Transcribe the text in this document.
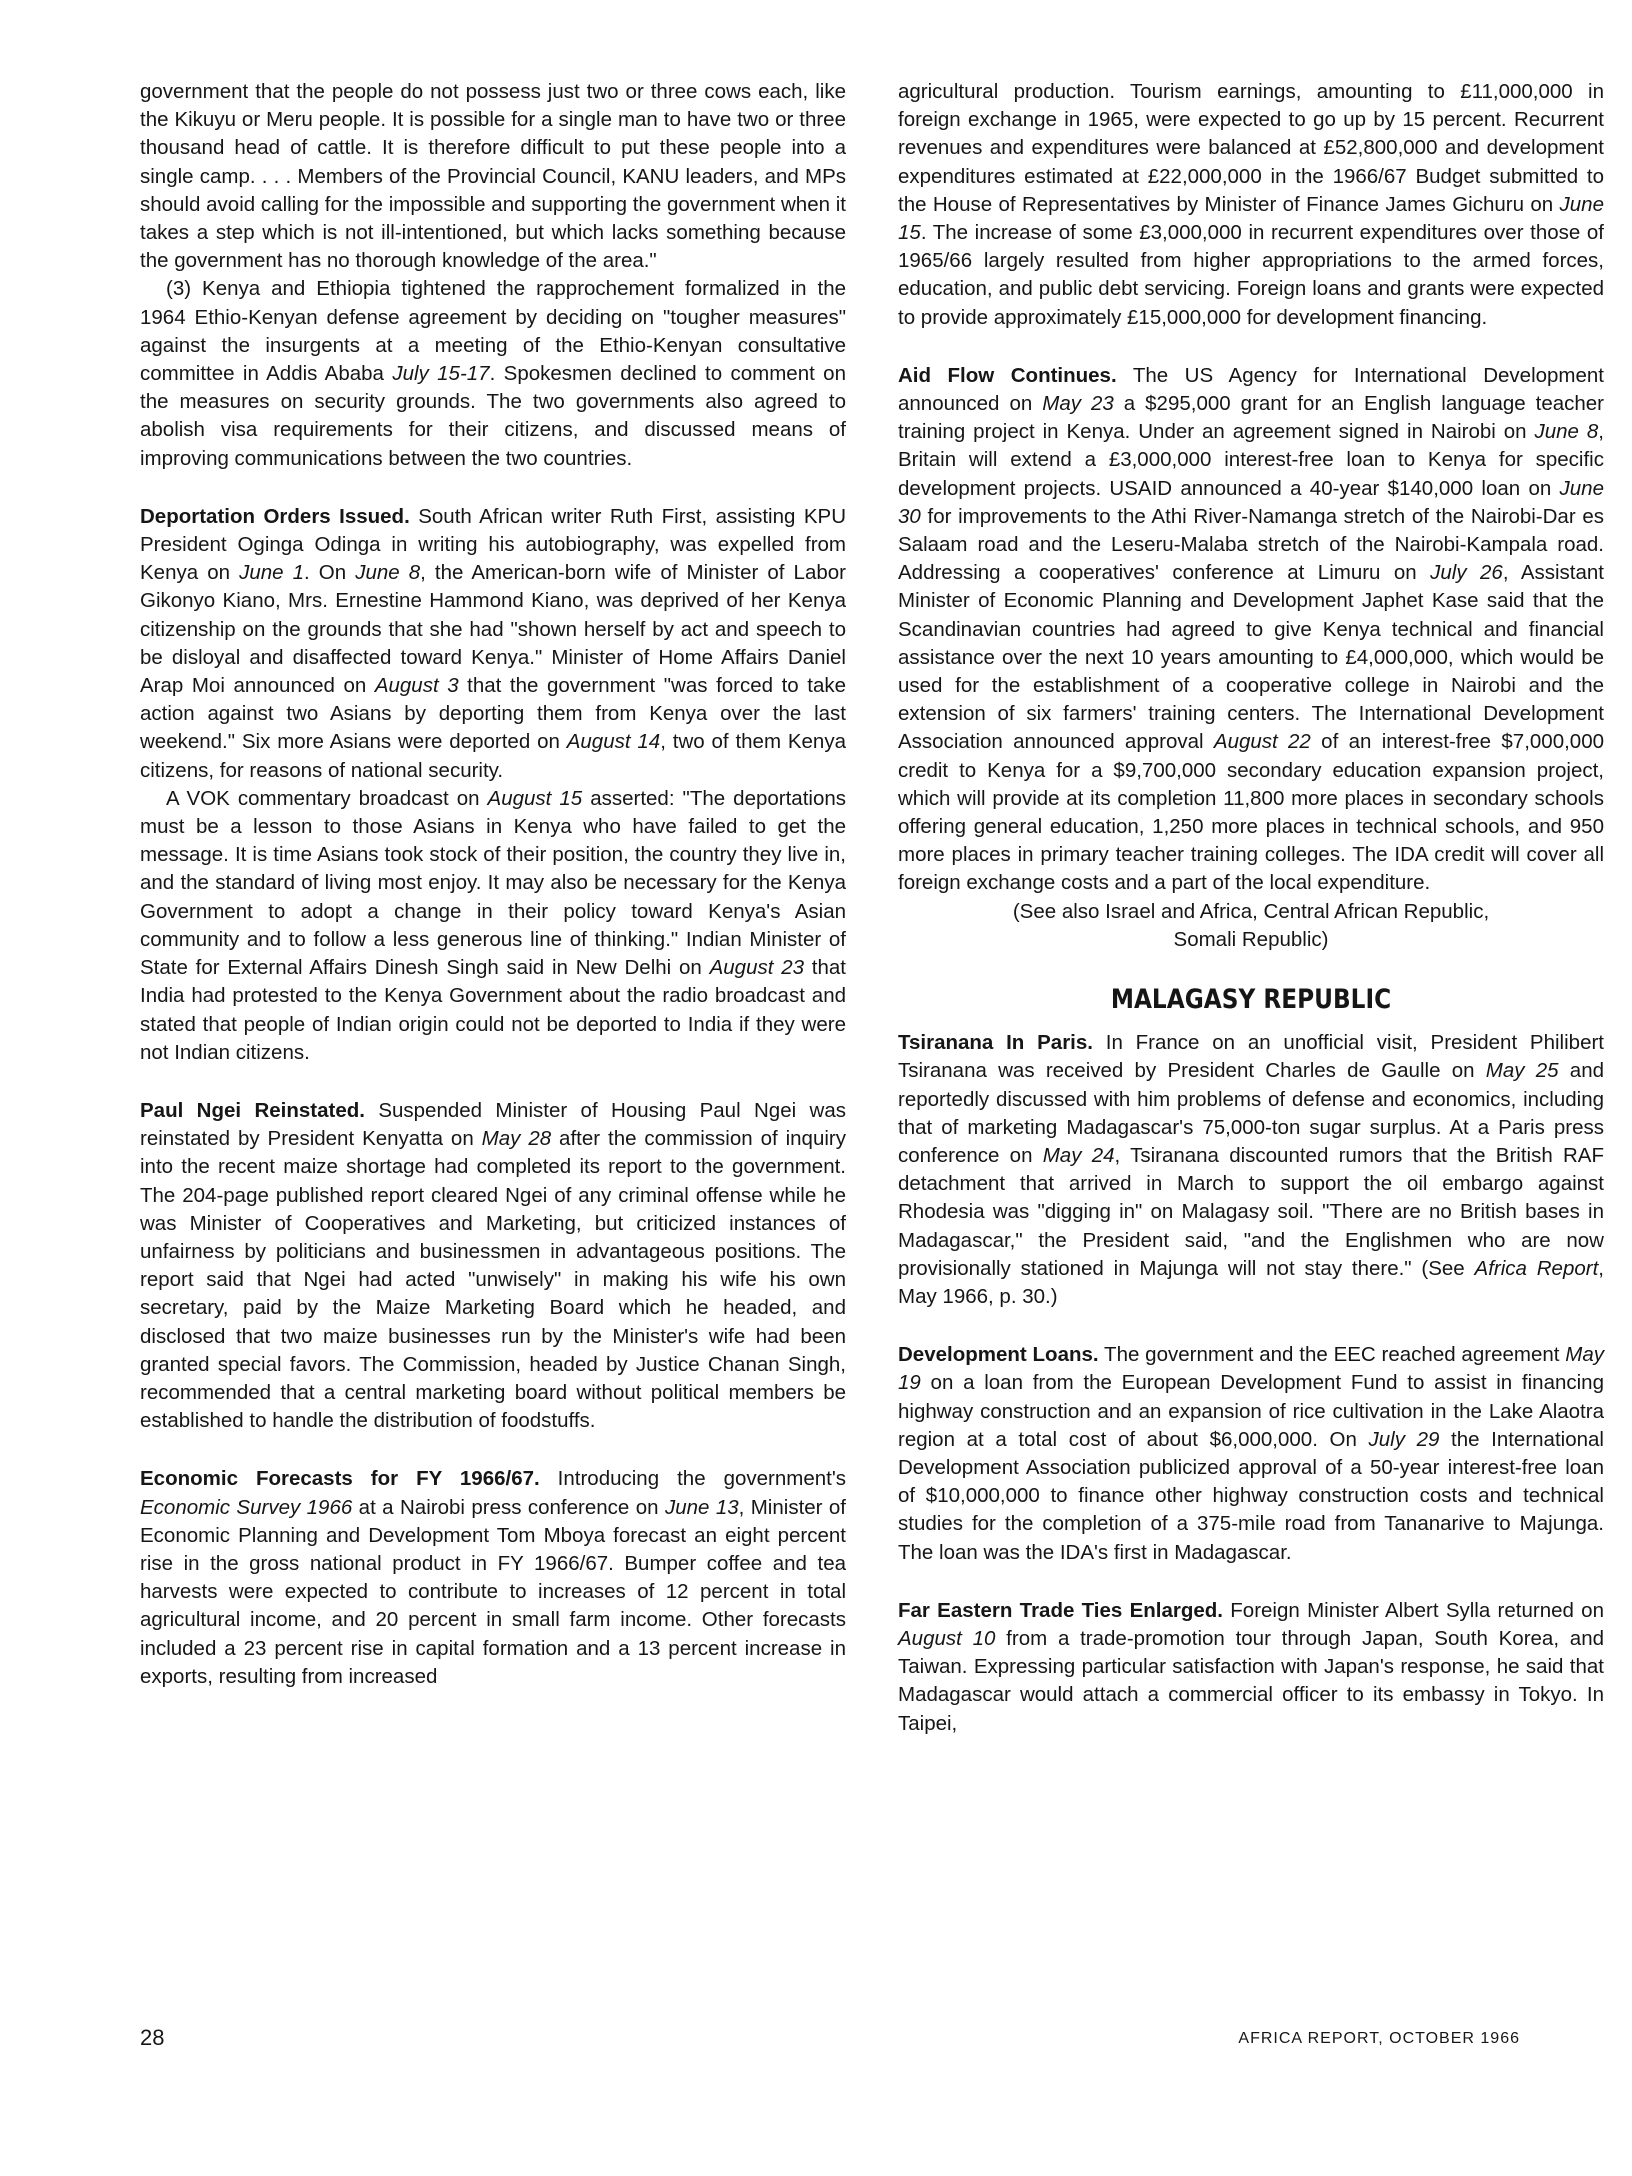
government that the people do not possess just two or three cows each, like the Kikuyu or Meru people. It is possible for a single man to have two or three thousand head of cattle. It is therefore difficult to put these people into a single camp. . . . Members of the Provincial Council, KANU leaders, and MPs should avoid calling for the impossible and supporting the government when it takes a step which is not ill-intentioned, but which lacks something because the government has no thorough knowledge of the area."

(3) Kenya and Ethiopia tightened the rapprochement formalized in the 1964 Ethio-Kenyan defense agreement by deciding on "tougher measures" against the insurgents at a meeting of the Ethio-Kenyan consultative committee in Addis Ababa July 15-17. Spokesmen declined to comment on the measures on security grounds. The two governments also agreed to abolish visa requirements for their citizens, and discussed means of improving communications between the two countries.

Deportation Orders Issued. South African writer Ruth First, assisting KPU President Oginga Odinga in writing his autobiography, was expelled from Kenya on June 1. On June 8, the American-born wife of Minister of Labor Gikonyo Kiano, Mrs. Ernestine Hammond Kiano, was deprived of her Kenya citizenship on the grounds that she had "shown herself by act and speech to be disloyal and disaffected toward Kenya." Minister of Home Affairs Daniel Arap Moi announced on August 3 that the government "was forced to take action against two Asians by deporting them from Kenya over the last weekend." Six more Asians were deported on August 14, two of them Kenya citizens, for reasons of national security.

A VOK commentary broadcast on August 15 asserted: "The deportations must be a lesson to those Asians in Kenya who have failed to get the message. It is time Asians took stock of their position, the country they live in, and the standard of living most enjoy. It may also be necessary for the Kenya Government to adopt a change in their policy toward Kenya's Asian community and to follow a less generous line of thinking." Indian Minister of State for External Affairs Dinesh Singh said in New Delhi on August 23 that India had protested to the Kenya Government about the radio broadcast and stated that people of Indian origin could not be deported to India if they were not Indian citizens.

Paul Ngei Reinstated. Suspended Minister of Housing Paul Ngei was reinstated by President Kenyatta on May 28 after the commission of inquiry into the recent maize shortage had completed its report to the government. The 204-page published report cleared Ngei of any criminal offense while he was Minister of Cooperatives and Marketing, but criticized instances of unfairness by politicians and businessmen in advantageous positions. The report said that Ngei had acted "unwisely" in making his wife his own secretary, paid by the Maize Marketing Board which he headed, and disclosed that two maize businesses run by the Minister's wife had been granted special favors. The Commission, headed by Justice Chanan Singh, recommended that a central marketing board without political members be established to handle the distribution of foodstuffs.

Economic Forecasts for FY 1966/67. Introducing the government's Economic Survey 1966 at a Nairobi press conference on June 13, Minister of Economic Planning and Development Tom Mboya forecast an eight percent rise in the gross national product in FY 1966/67. Bumper coffee and tea harvests were expected to contribute to increases of 12 percent in total agricultural income, and 20 percent in small farm income. Other forecasts included a 23 percent rise in capital formation and a 13 percent increase in exports, resulting from increased

agricultural production. Tourism earnings, amounting to £11,000,000 in foreign exchange in 1965, were expected to go up by 15 percent. Recurrent revenues and expenditures were balanced at £52,800,000 and development expenditures estimated at £22,000,000 in the 1966/67 Budget submitted to the House of Representatives by Minister of Finance James Gichuru on June 15. The increase of some £3,000,000 in recurrent expenditures over those of 1965/66 largely resulted from higher appropriations to the armed forces, education, and public debt servicing. Foreign loans and grants were expected to provide approximately £15,000,000 for development financing.

Aid Flow Continues. The US Agency for International Development announced on May 23 a $295,000 grant for an English language teacher training project in Kenya. Under an agreement signed in Nairobi on June 8, Britain will extend a £3,000,000 interest-free loan to Kenya for specific development projects. USAID announced a 40-year $140,000 loan on June 30 for improvements to the Athi River-Namanga stretch of the Nairobi-Dar es Salaam road and the Leseru-Malaba stretch of the Nairobi-Kampala road. Addressing a cooperatives' conference at Limuru on July 26, Assistant Minister of Economic Planning and Development Japhet Kase said that the Scandinavian countries had agreed to give Kenya technical and financial assistance over the next 10 years amounting to £4,000,000, which would be used for the establishment of a cooperative college in Nairobi and the extension of six farmers' training centers. The International Development Association announced approval August 22 of an interest-free $7,000,000 credit to Kenya for a $9,700,000 secondary education expansion project, which will provide at its completion 11,800 more places in secondary schools offering general education, 1,250 more places in technical schools, and 950 more places in primary teacher training colleges. The IDA credit will cover all foreign exchange costs and a part of the local expenditure.

(See also Israel and Africa, Central African Republic,
Somali Republic)

MALAGASY REPUBLIC

Tsiranana In Paris. In France on an unofficial visit, President Philibert Tsiranana was received by President Charles de Gaulle on May 25 and reportedly discussed with him problems of defense and economics, including that of marketing Madagascar's 75,000-ton sugar surplus. At a Paris press conference on May 24, Tsiranana discounted rumors that the British RAF detachment that arrived in March to support the oil embargo against Rhodesia was "digging in" on Malagasy soil. "There are no British bases in Madagascar," the President said, "and the Englishmen who are now provisionally stationed in Majunga will not stay there." (See Africa Report, May 1966, p. 30.)

Development Loans. The government and the EEC reached agreement May 19 on a loan from the European Development Fund to assist in financing highway construction and an expansion of rice cultivation in the Lake Alaotra region at a total cost of about $6,000,000. On July 29 the International Development Association publicized approval of a 50-year interest-free loan of $10,000,000 to finance other highway construction costs and technical studies for the completion of a 375-mile road from Tananarive to Majunga. The loan was the IDA's first in Madagascar.

Far Eastern Trade Ties Enlarged. Foreign Minister Albert Sylla returned on August 10 from a trade-promotion tour through Japan, South Korea, and Taiwan. Expressing particular satisfaction with Japan's response, he said that Madagascar would attach a commercial officer to its embassy in Tokyo. In Taipei,

28	AFRICA REPORT, OCTOBER 1966
